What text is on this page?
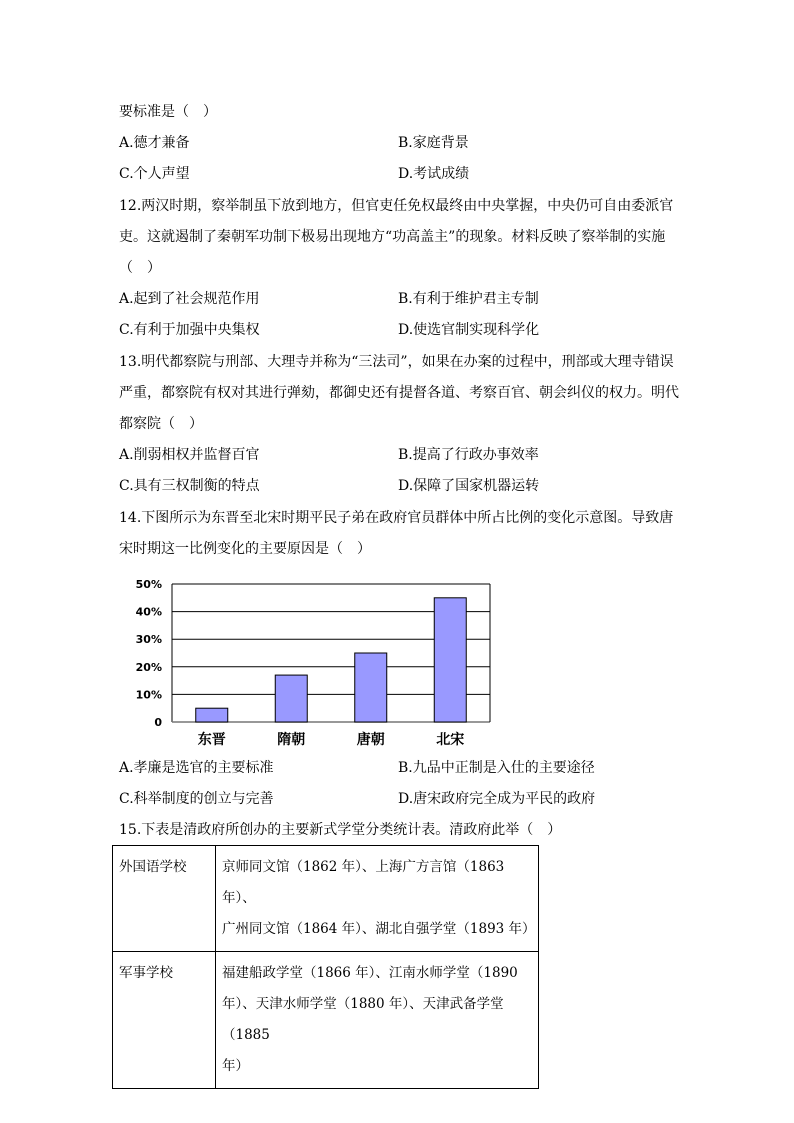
要标准是（　）
A.德才兼备	B.家庭背景
C.个人声望	D.考试成绩
12.两汉时期，察举制虽下放到地方，但官吏任免权最终由中央掌握，中央仍可自由委派官
吏。这就遏制了秦朝军功制下极易出现地方“功高盖主”的现象。材料反映了察举制的实施
（　）
A.起到了社会规范作用	B.有利于维护君主专制
C.有利于加强中央集权	D.使选官制实现科学化
13.明代都察院与刑部、大理寺并称为“三法司”，如果在办案的过程中，刑部或大理寺错误
严重，都察院有权对其进行弹劾，都御史还有提督各道、考察百官、朝会纠仪的权力。明代
都察院（　）
A.削弱相权并监督百官	B.提高了行政办事效率
C.具有三权制衡的特点	D.保障了国家机器运转
14.下图所示为东晋至北宋时期平民子弟在政府官员群体中所占比例的变化示意图。导致唐
宋时期这一比例变化的主要原因是（　）
0
10%
20%
30%
40%
50%
东晋	隋朝	唐朝	北宋
A.孝廉是选官的主要标准	B.九品中正制是入仕的主要途径
C.科举制度的创立与完善	D.唐宋政府完全成为平民的政府
15.下表是清政府所创办的主要新式学堂分类统计表。清政府此举（　）
外国语学校	京师同文馆（1862 年）、上海广方言馆（1863 年）、
广州同文馆（1864 年）、湖北自强学堂（1893 年）

军事学校	福建船政学堂（1866 年）、江南水师学堂（1890
年）、天津水师学堂（1880 年）、天津武备学堂（1885
年）
